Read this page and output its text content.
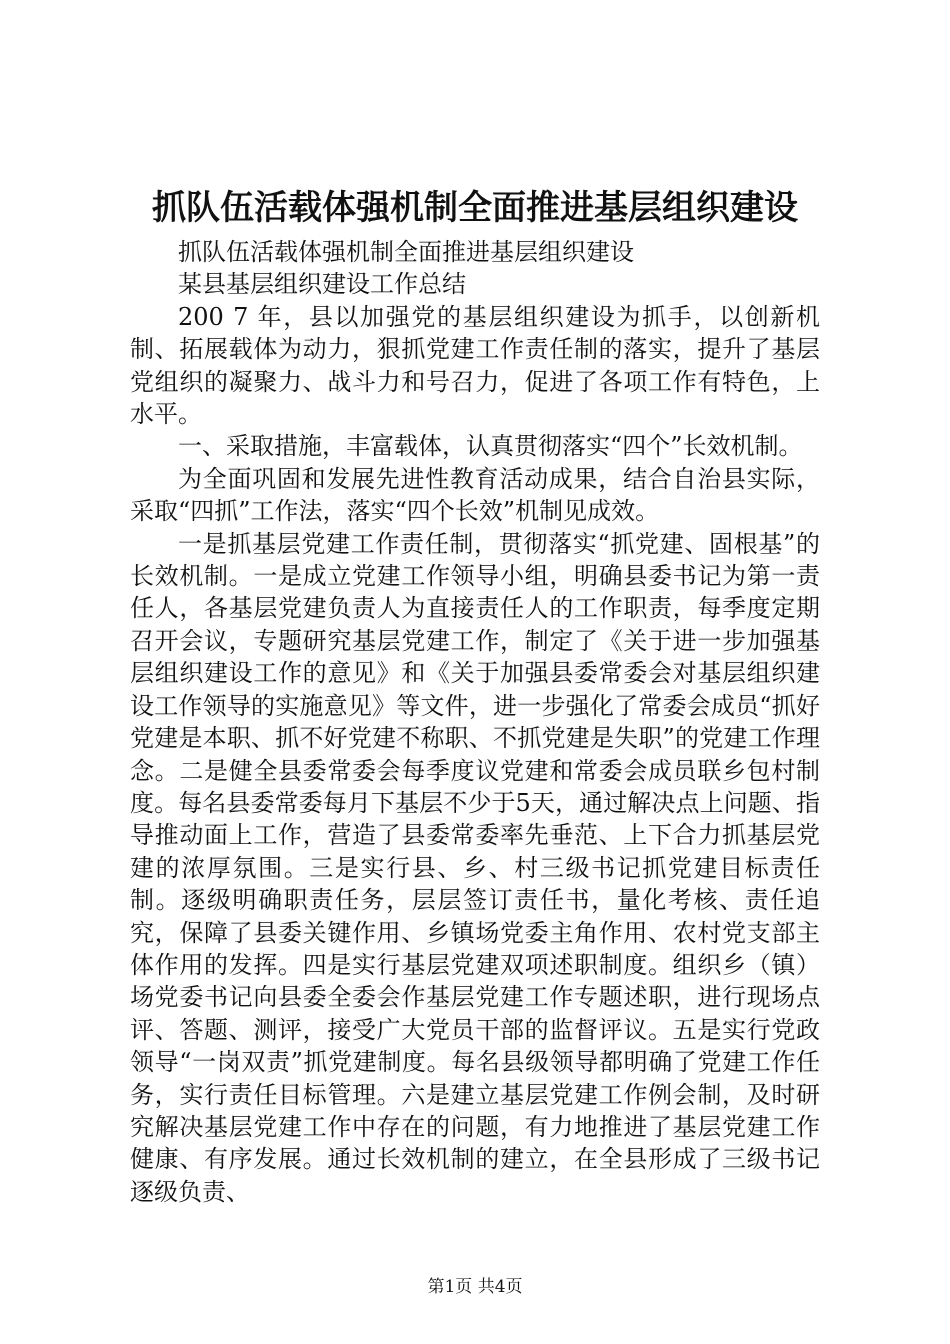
抓队伍活载体强机制全面推进基层组织建设

抓队伍活载体强机制全面推进基层组织建设

某县基层组织建设工作总结

200 7 年，县以加强党的基层组织建设为抓手，以创新机制、拓展载体为动力，狠抓党建工作责任制的落实，提升了基层党组织的凝聚力、战斗力和号召力，促进了各项工作有特色，上水平。

一、采取措施，丰富载体，认真贯彻落实“四个”长效机制。

为全面巩固和发展先进性教育活动成果，结合自治县实际，采取“四抓”工作法，落实“四个长效”机制见成效。

一是抓基层党建工作责任制，贯彻落实“抓党建、固根基”的长效机制。一是成立党建工作领导小组，明确县委书记为第一责任人，各基层党建负责人为直接责任人的工作职责，每季度定期召开会议，专题研究基层党建工作，制定了《关于进一步加强基层组织建设工作的意见》和《关于加强县委常委会对基层组织建设工作领导的实施意见》等文件，进一步强化了常委会成员“抓好党建是本职、抓不好党建不称职、不抓党建是失职”的党建工作理念。二是健全县委常委会每季度议党建和常委会成员联乡包村制度。每名县委常委每月下基层不少于5天，通过解决点上问题、指导推动面上工作，营造了县委常委率先垂范、上下合力抓基层党建的浓厚氛围。三是实行县、乡、村三级书记抓党建目标责任制。逐级明确职责任务，层层签订责任书，量化考核、责任追究，保障了县委关键作用、乡镇场党委主角作用、农村党支部主体作用的发挥。四是实行基层党建双项述职制度。组织乡（镇）场党委书记向县委全委会作基层党建工作专题述职，进行现场点评、答题、测评，接受广大党员干部的监督评议。五是实行党政领导“一岗双责”抓党建制度。每名县级领导都明确了党建工作任务，实行责任目标管理。六是建立基层党建工作例会制，及时研究解决基层党建工作中存在的问题，有力地推进了基层党建工作健康、有序发展。通过长效机制的建立，在全县形成了三级书记逐级负责、

第1页 共4页
